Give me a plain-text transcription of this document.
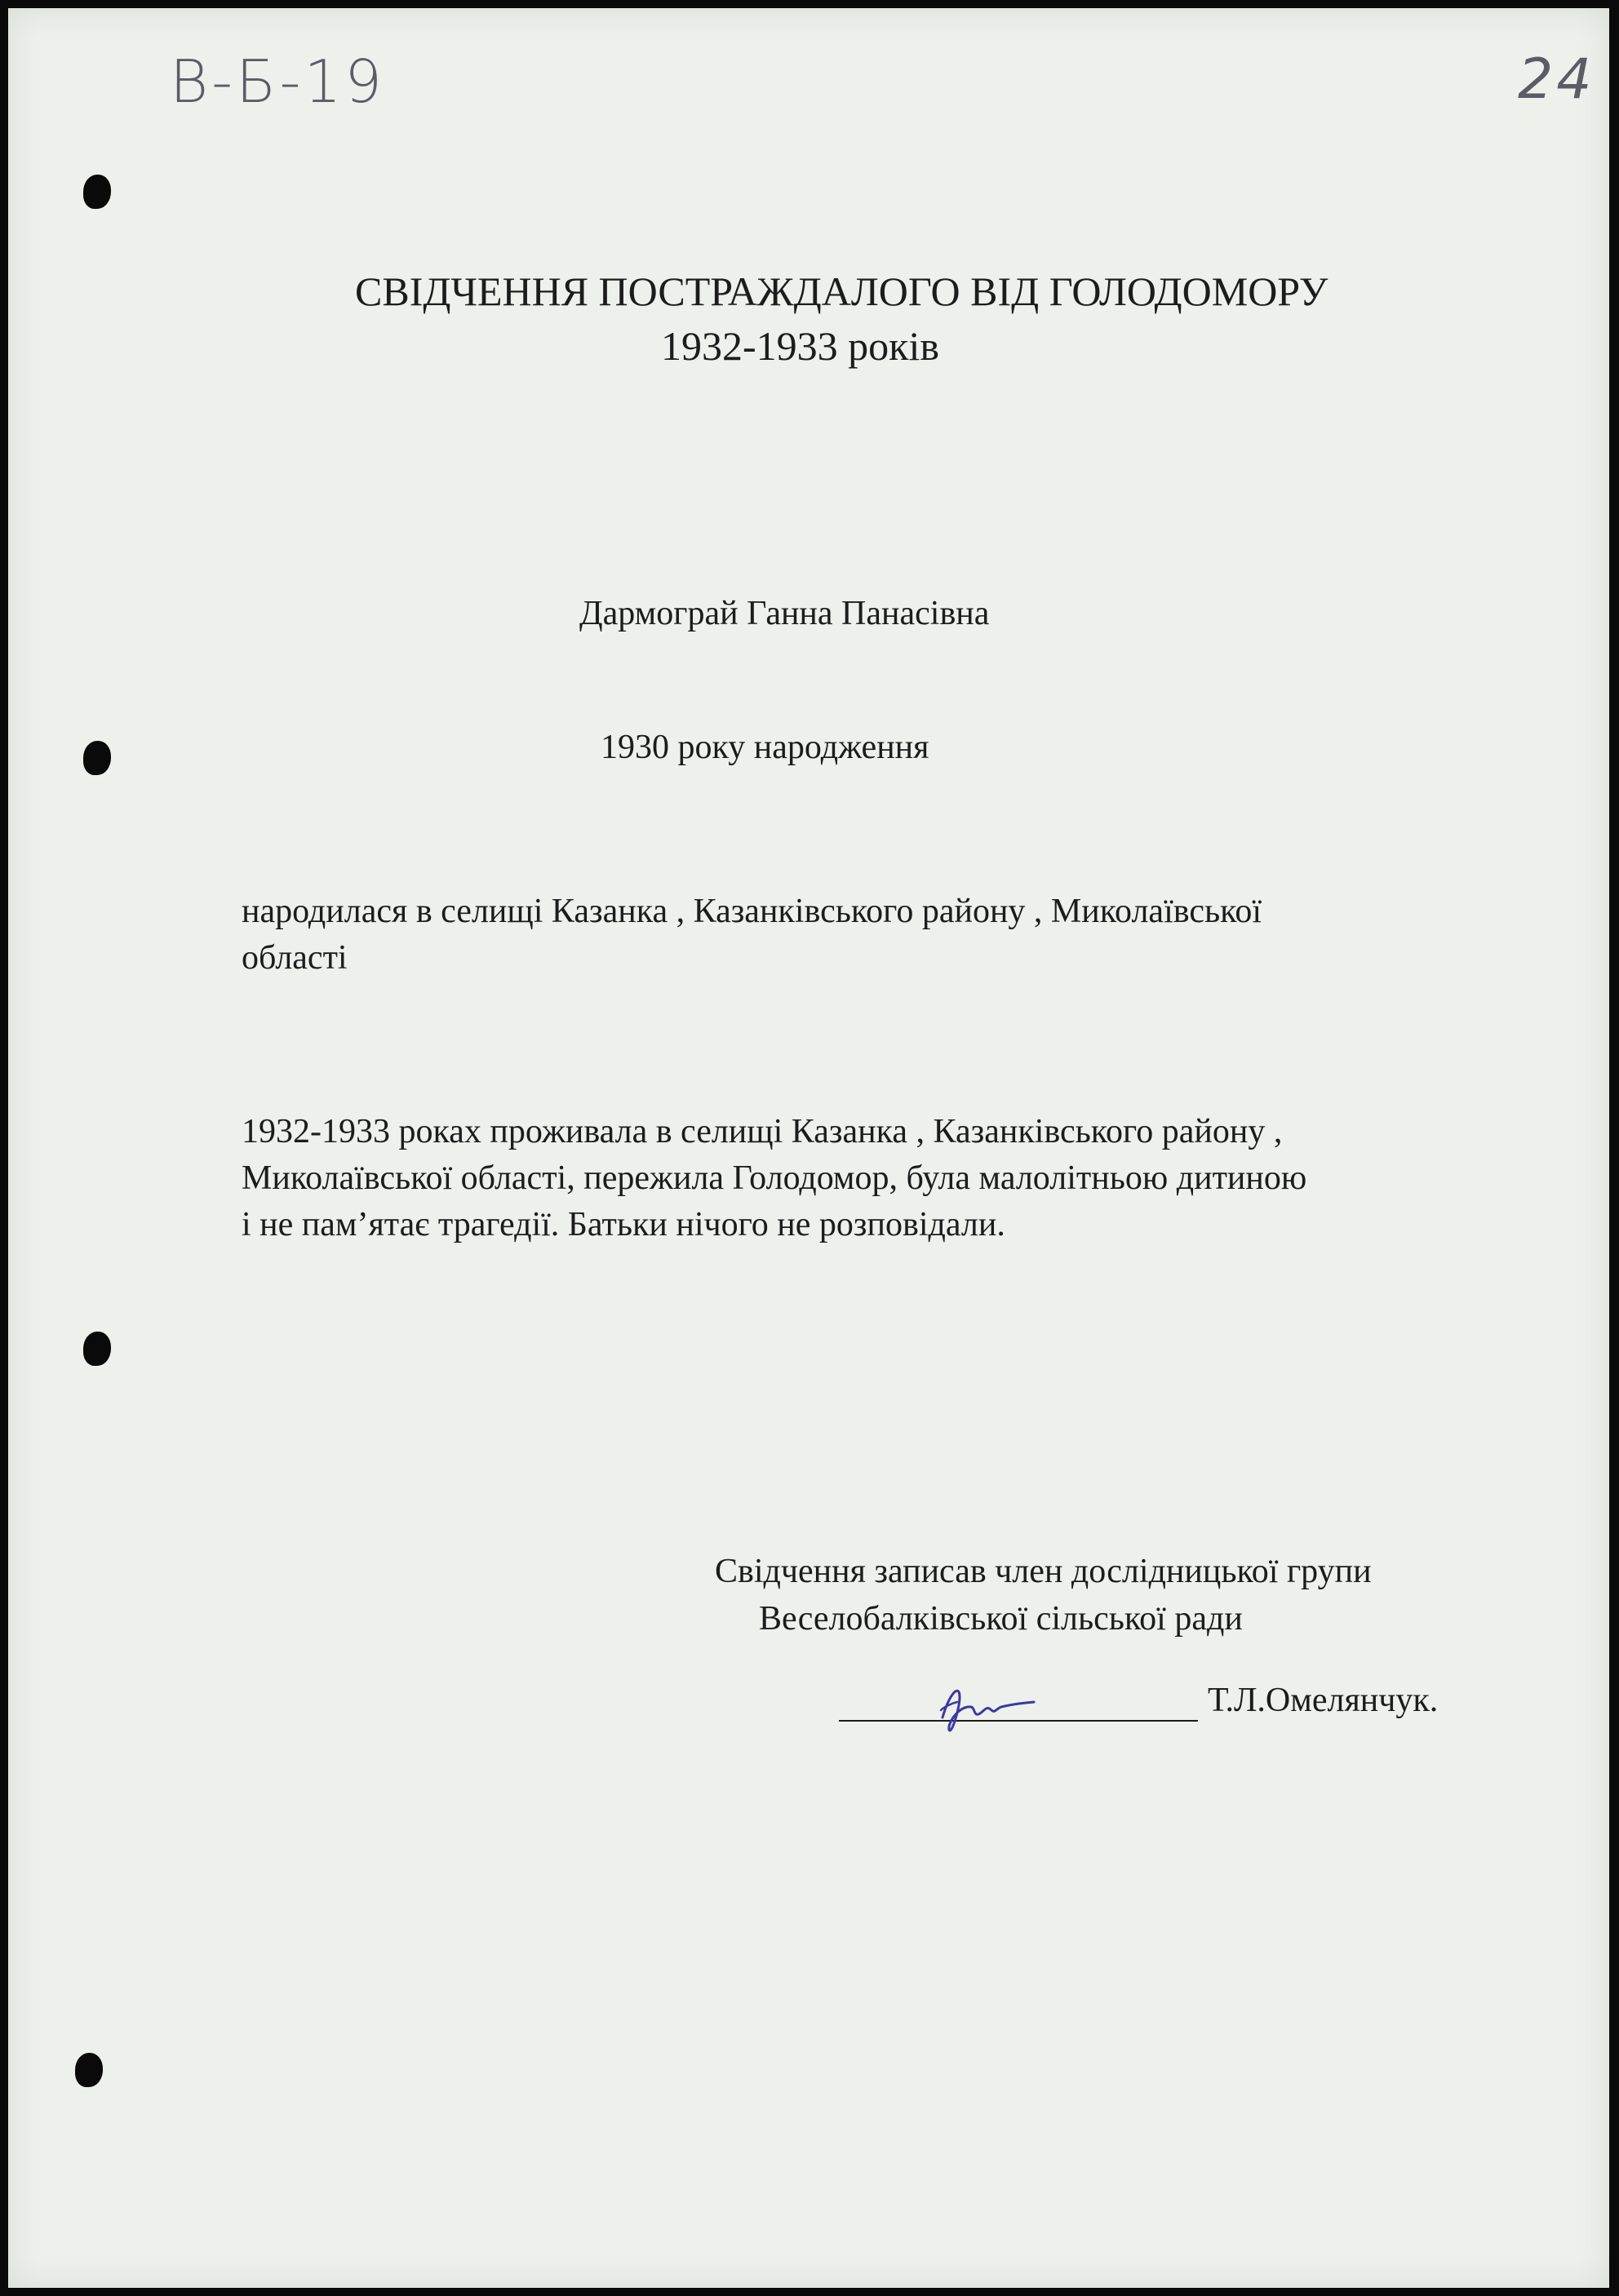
В-Б-19	24
СВІДЧЕННЯ ПОСТРАЖДАЛОГО ВІД ГОЛОДОМОРУ
1932-1933 років
Дармограй Ганна Панасівна
1930 року народження
народилася в селищі Казанка , Казанківського району , Миколаївської
області
1932-1933 роках проживала в селищі Казанка , Казанківського району ,
Миколаївської області, пережила Голодомор, була малолітньою дитиною
і не пам’ятає трагедії. Батьки нічого не розповідали.
Свідчення записав член дослідницької групи
Веселобалківської сільської ради
Т.Л.Омелянчук.
